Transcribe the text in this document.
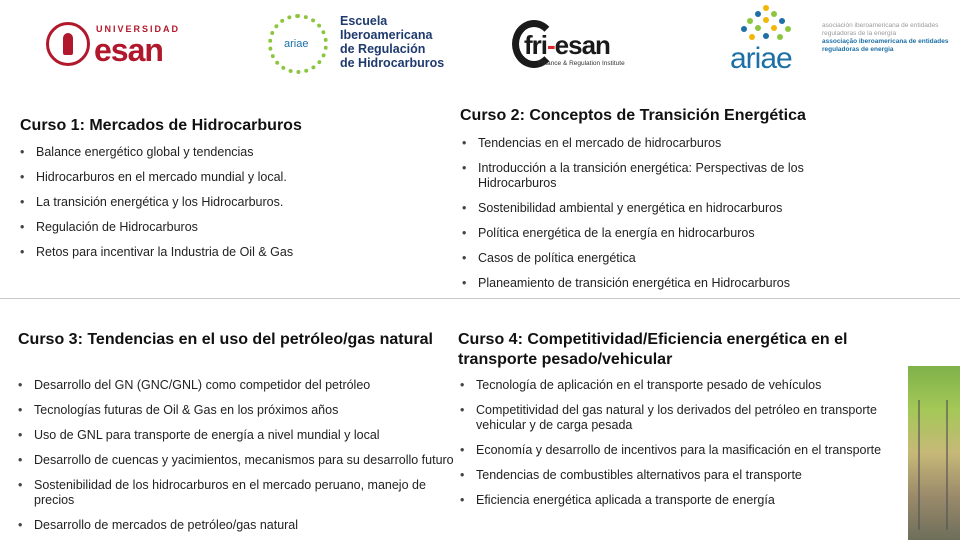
UNIVERSIDAD
esan	ariae
Escuela
Iberoamericana
de Regulación
de Hidrocarburos
fri-esan
Finance & Regulation Institute	ariae
asociación iberoamericana de entidades reguladoras de la energía
associação iberoamericana de entidades reguladoras de energia
Curso 1: Mercados de Hidrocarburos
• Balance energético global y tendencias
• Hidrocarburos en el mercado mundial y local.
• La transición energética y los Hidrocarburos.
• Regulación de Hidrocarburos
• Retos para incentivar la Industria de Oil & Gas
Curso 2: Conceptos de Transición Energética
• Tendencias en el mercado de hidrocarburos
• Introducción a la transición energética: Perspectivas de los Hidrocarburos
• Sostenibilidad ambiental y energética en hidrocarburos
• Política energética de la energía en hidrocarburos
• Casos de política energética
• Planeamiento de transición energética en Hidrocarburos
Curso 3: Tendencias en el uso del petróleo/gas natural
• Desarrollo del GN (GNC/GNL) como competidor del petróleo
• Tecnologías futuras de Oil & Gas en los próximos años
• Uso de GNL para transporte de energía a nivel mundial y local
• Desarrollo de cuencas y yacimientos, mecanismos para su desarrollo futuro
• Sostenibilidad de los hidrocarburos en el mercado peruano, manejo de precios
• Desarrollo de mercados de petróleo/gas natural
Curso 4: Competitividad/Eficiencia energética en el transporte pesado/vehicular
• Tecnología de aplicación en el transporte pesado de vehículos
• Competitividad del gas natural y los derivados del petróleo en transporte vehicular y de carga pesada
• Economía y desarrollo de incentivos para la masificación en el transporte
• Tendencias de combustibles alternativos para el transporte
• Eficiencia energética aplicada a transporte de energía
